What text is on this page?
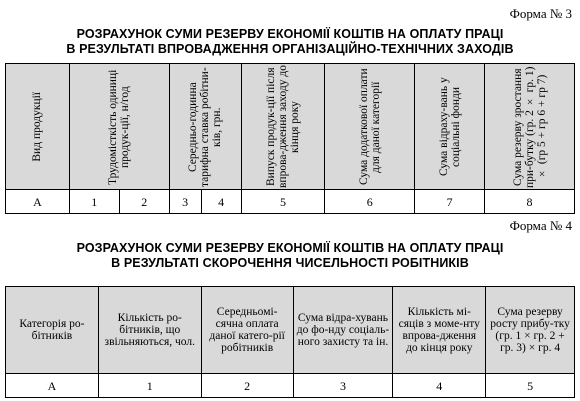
Форма № 3
РОЗРАХУНОК СУМИ РЕЗЕРВУ ЕКОНОМІЇ КОШТІВ НА ОПЛАТУ ПРАЦІ
В РЕЗУЛЬТАТІ ВПРОВАДЖЕННЯ ОРГАНІЗАЦІЙНО-ТЕХНІЧНИХ ЗАХОДІВ
Вид продукції	Трудомісткість одиниці продук-ції, н/год		Середньо-годинна тарифна ставка робітни-ків, грн.		Випуск продук-ції після впрова-дження заходу до кінця року	Сума додаткової оплати для даної категорії	Сума відраху-вань у соціальні фонди	Сума резерву зростання при-бутку (гр. 2 × гр. 1) × (гр 5 + гр 6 + гр 7)

А	1	2	3	4	5	6	7	8
Форма № 4
РОЗРАХУНОК СУМИ РЕЗЕРВУ ЕКОНОМІЇ КОШТІВ НА ОПЛАТУ ПРАЦІ
В РЕЗУЛЬТАТІ СКОРОЧЕННЯ ЧИСЕЛЬНОСТІ РОБІТНИКІВ
Категорія ро-бітників	Кількість ро-бітників, що звільняються, чол.	Середньомі-сячна оплата даної катего-рії робітників	Сума відра-хувань до фо-нду соціаль-ного захисту та ін.	Кількість мі-сяців з моме-нту впрова-дження до кінця року	Сума резерву росту прибу-тку (гр. 1 × гр. 2 + гр. 3) × гр. 4
А	1	2	3	4	5
